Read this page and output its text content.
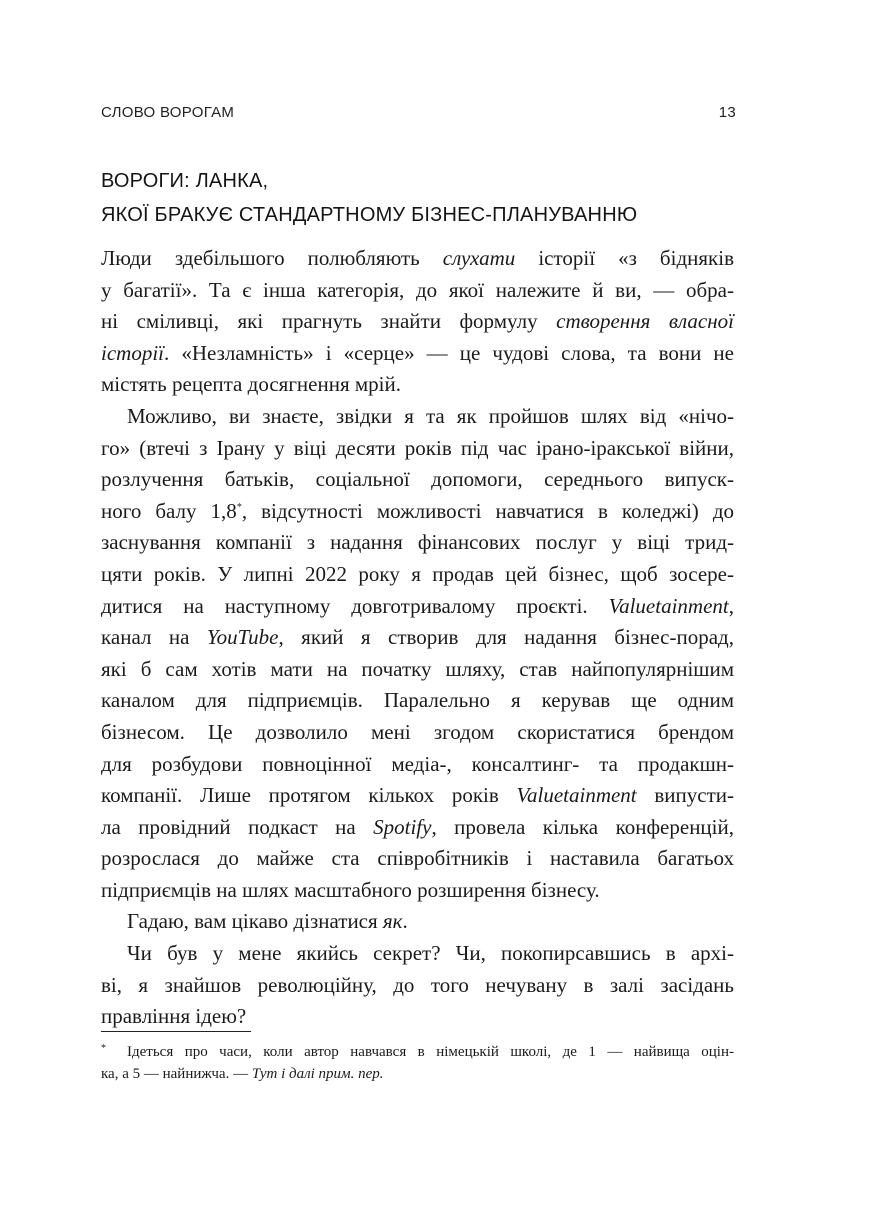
СЛОВО ВОРОГАМ	13
ВОРОГИ: ЛАНКА,
ЯКОЇ БРАКУЄ СТАНДАРТНОМУ БІЗНЕС-ПЛАНУВАННЮ
Люди здебільшого полюбляють слухати історії «з бідняків
у багатії». Та є інша категорія, до якої належите й ви, — обра-
ні сміливці, які прагнуть знайти формулу створення власної
історії. «Незламність» і «серце» — це чудові слова, та вони не
містять рецепта досягнення мрій.
Можливо, ви знаєте, звідки я та як пройшов шлях від «нічо-
го» (втечі з Ірану у віці десяти років під час ірано-іракської війни,
розлучення батьків, соціальної допомоги, середнього випуск-
ного балу 1,8*, відсутності можливості навчатися в коледжі) до
заснування компанії з надання фінансових послуг у віці трид-
цяти років. У липні 2022 року я продав цей бізнес, щоб зосере-
дитися на наступному довготривалому проєкті. Valuetainment,
канал на YouTube, який я створив для надання бізнес-порад,
які б сам хотів мати на початку шляху, став найпопулярнішим
каналом для підприємців. Паралельно я керував ще одним
бізнесом. Це дозволило мені згодом скористатися брендом
для розбудови повноцінної медіа-, консалтинг- та продакшн-
компанії. Лише протягом кількох років Valuetainment випусти-
ла провідний подкаст на Spotify, провела кілька конференцій,
розрослася до майже ста співробітників і наставила багатьох
підприємців на шлях масштабного розширення бізнесу.
Гадаю, вам цікаво дізнатися як.
Чи був у мене якийсь секрет? Чи, покопирсавшись в архі-
ві, я знайшов революційну, до того нечувану в залі засідань
правління ідею?
*	Ідеться про часи, коли автор навчався в німецькій школі, де 1 — найвища оцін-
ка, а 5 — найнижча. — Тут і далі прим. пер.
